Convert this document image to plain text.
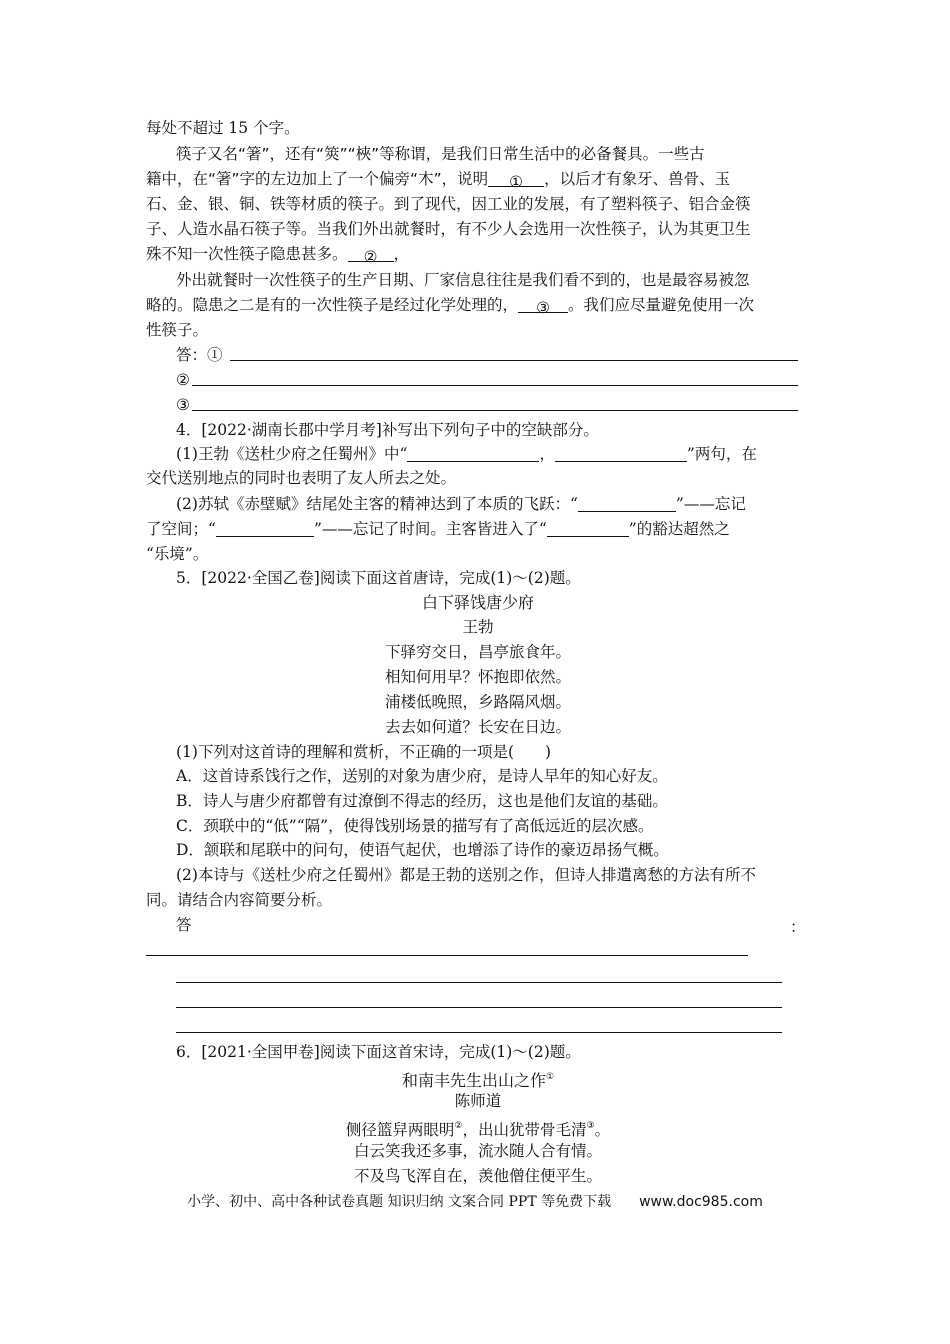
每处不超过 15 个字。
筷子又名“箸”，还有“筴”“梜”等称谓，是我们日常生活中的必备餐具。一些古
籍中，在“箸”字的左边加上了一个偏旁“木”，说明 ① ，以后才有象牙、兽骨、玉
石、金、银、铜、铁等材质的筷子。到了现代，因工业的发展，有了塑料筷子、铝合金筷
子、人造水晶石筷子等。当我们外出就餐时，有不少人会选用一次性筷子，认为其更卫生
殊不知一次性筷子隐患甚多。 ② ，
外出就餐时一次性筷子的生产日期、厂家信息往往是我们看不到的，也是最容易被忽
略的。隐患之二是有的一次性筷子是经过化学处理的， ③ 。我们应尽量避免使用一次
性筷子。
答：①
②
③
4．[2022·湖南长郡中学月考]补写出下列句子中的空缺部分。
(1)王勃《送杜少府之任蜀州》中“	，	”两句，在
交代送别地点的同时也表明了友人所去之处。
(2)苏轼《赤壁赋》结尾处主客的精神达到了本质的飞跃：“	”——忘记
了空间；“	”——忘记了时间。主客皆进入了“	”的豁达超然之
“乐境”。
5．[2022·全国乙卷]阅读下面这首唐诗，完成(1)～(2)题。
白下驿饯唐少府
王勃
下驿穷交日，昌亭旅食年。
相知何用早？怀抱即依然。
浦楼低晚照，乡路隔风烟。
去去如何道？长安在日边。
(1)下列对这首诗的理解和赏析，不正确的一项是(　　)
A．这首诗系饯行之作，送别的对象为唐少府，是诗人早年的知心好友。
B．诗人与唐少府都曾有过潦倒不得志的经历，这也是他们友谊的基础。
C．颈联中的“低”“隔”，使得饯别场景的描写有了高低远近的层次感。
D．颔联和尾联中的问句，使语气起伏，也增添了诗作的豪迈昂扬气概。
(2)本诗与《送杜少府之任蜀州》都是王勃的送别之作，但诗人排遣离愁的方法有所不
同。请结合内容简要分析。
答	：
6．[2021·全国甲卷]阅读下面这首宋诗，完成(1)～(2)题。
和南丰先生出山之作①
陈师道
侧径篮舁两眼明②，出山犹带骨毛清③。
白云笑我还多事，流水随人合有情。
不及鸟飞浑自在，羡他僧住便平生。
小学、初中、高中各种试卷真题 知识归纳 文案合同 PPT 等免费下载 www.doc985.com
